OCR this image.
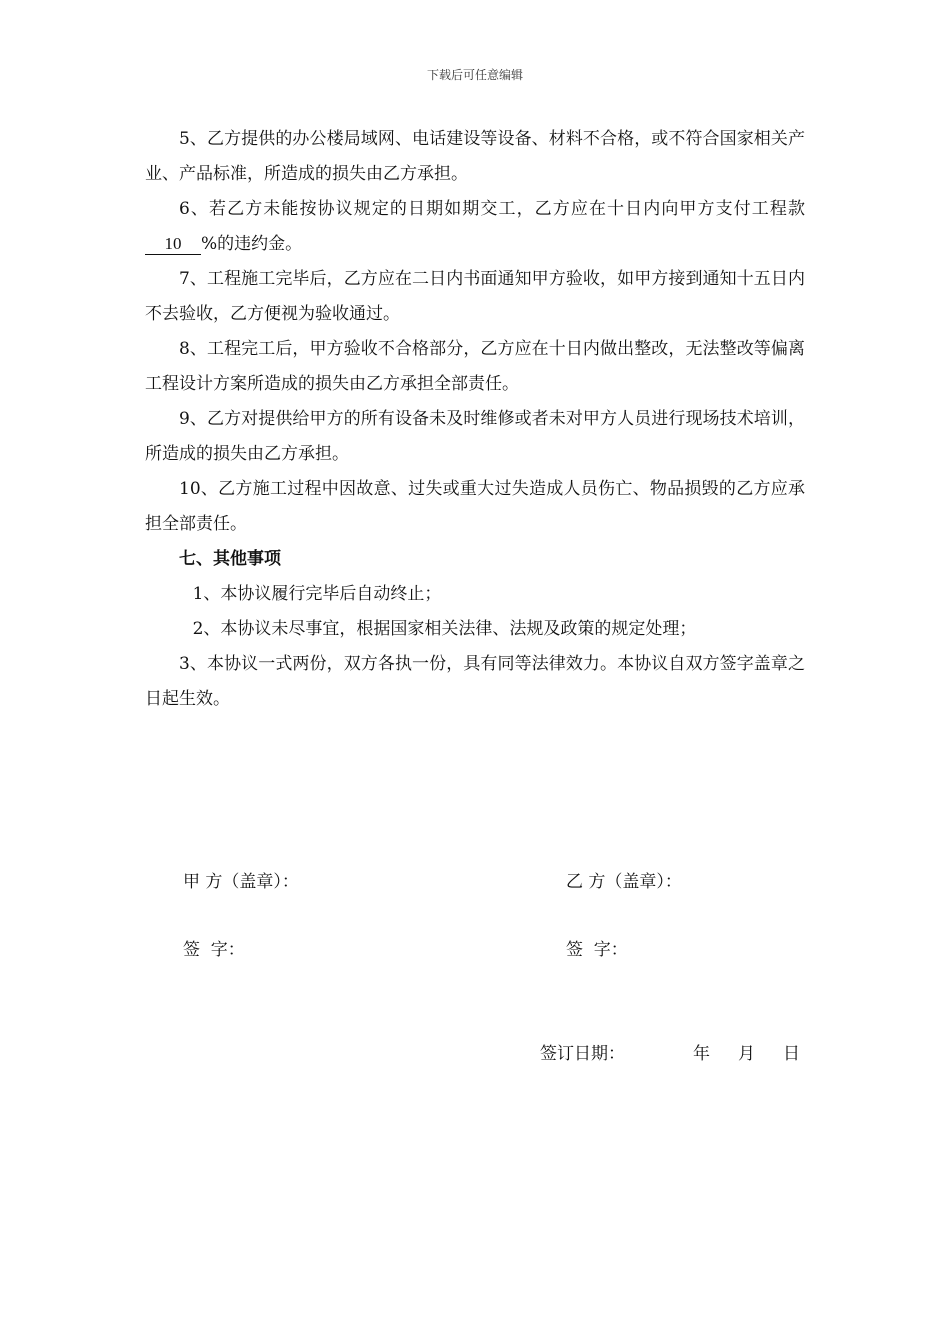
下载后可任意编辑

5、乙方提供的办公楼局域网、电话建设等设备、材料不合格，或不符合国家相关产业、产品标准，所造成的损失由乙方承担。

6、若乙方未能按协议规定的日期如期交工，乙方应在十日内向甲方支付工程款10 %的违约金。

7、工程施工完毕后，乙方应在二日内书面通知甲方验收，如甲方接到通知十五日内不去验收，乙方便视为验收通过。

8、工程完工后，甲方验收不合格部分，乙方应在十日内做出整改，无法整改等偏离工程设计方案所造成的损失由乙方承担全部责任。

9、乙方对提供给甲方的所有设备未及时维修或者未对甲方人员进行现场技术培训，所造成的损失由乙方承担。

10、乙方施工过程中因故意、过失或重大过失造成人员伤亡、物品损毁的乙方应承担全部责任。

七、其他事项

1、本协议履行完毕后自动终止；

2、本协议未尽事宜，根据国家相关法律、法规及政策的规定处理；

3、本协议一式两份，双方各执一份，具有同等法律效力。本协议自双方签字盖章之日起生效。

甲 方（盖章）：	乙 方（盖章）：
签  字：	签  字：
签订日期：	年 月 日
